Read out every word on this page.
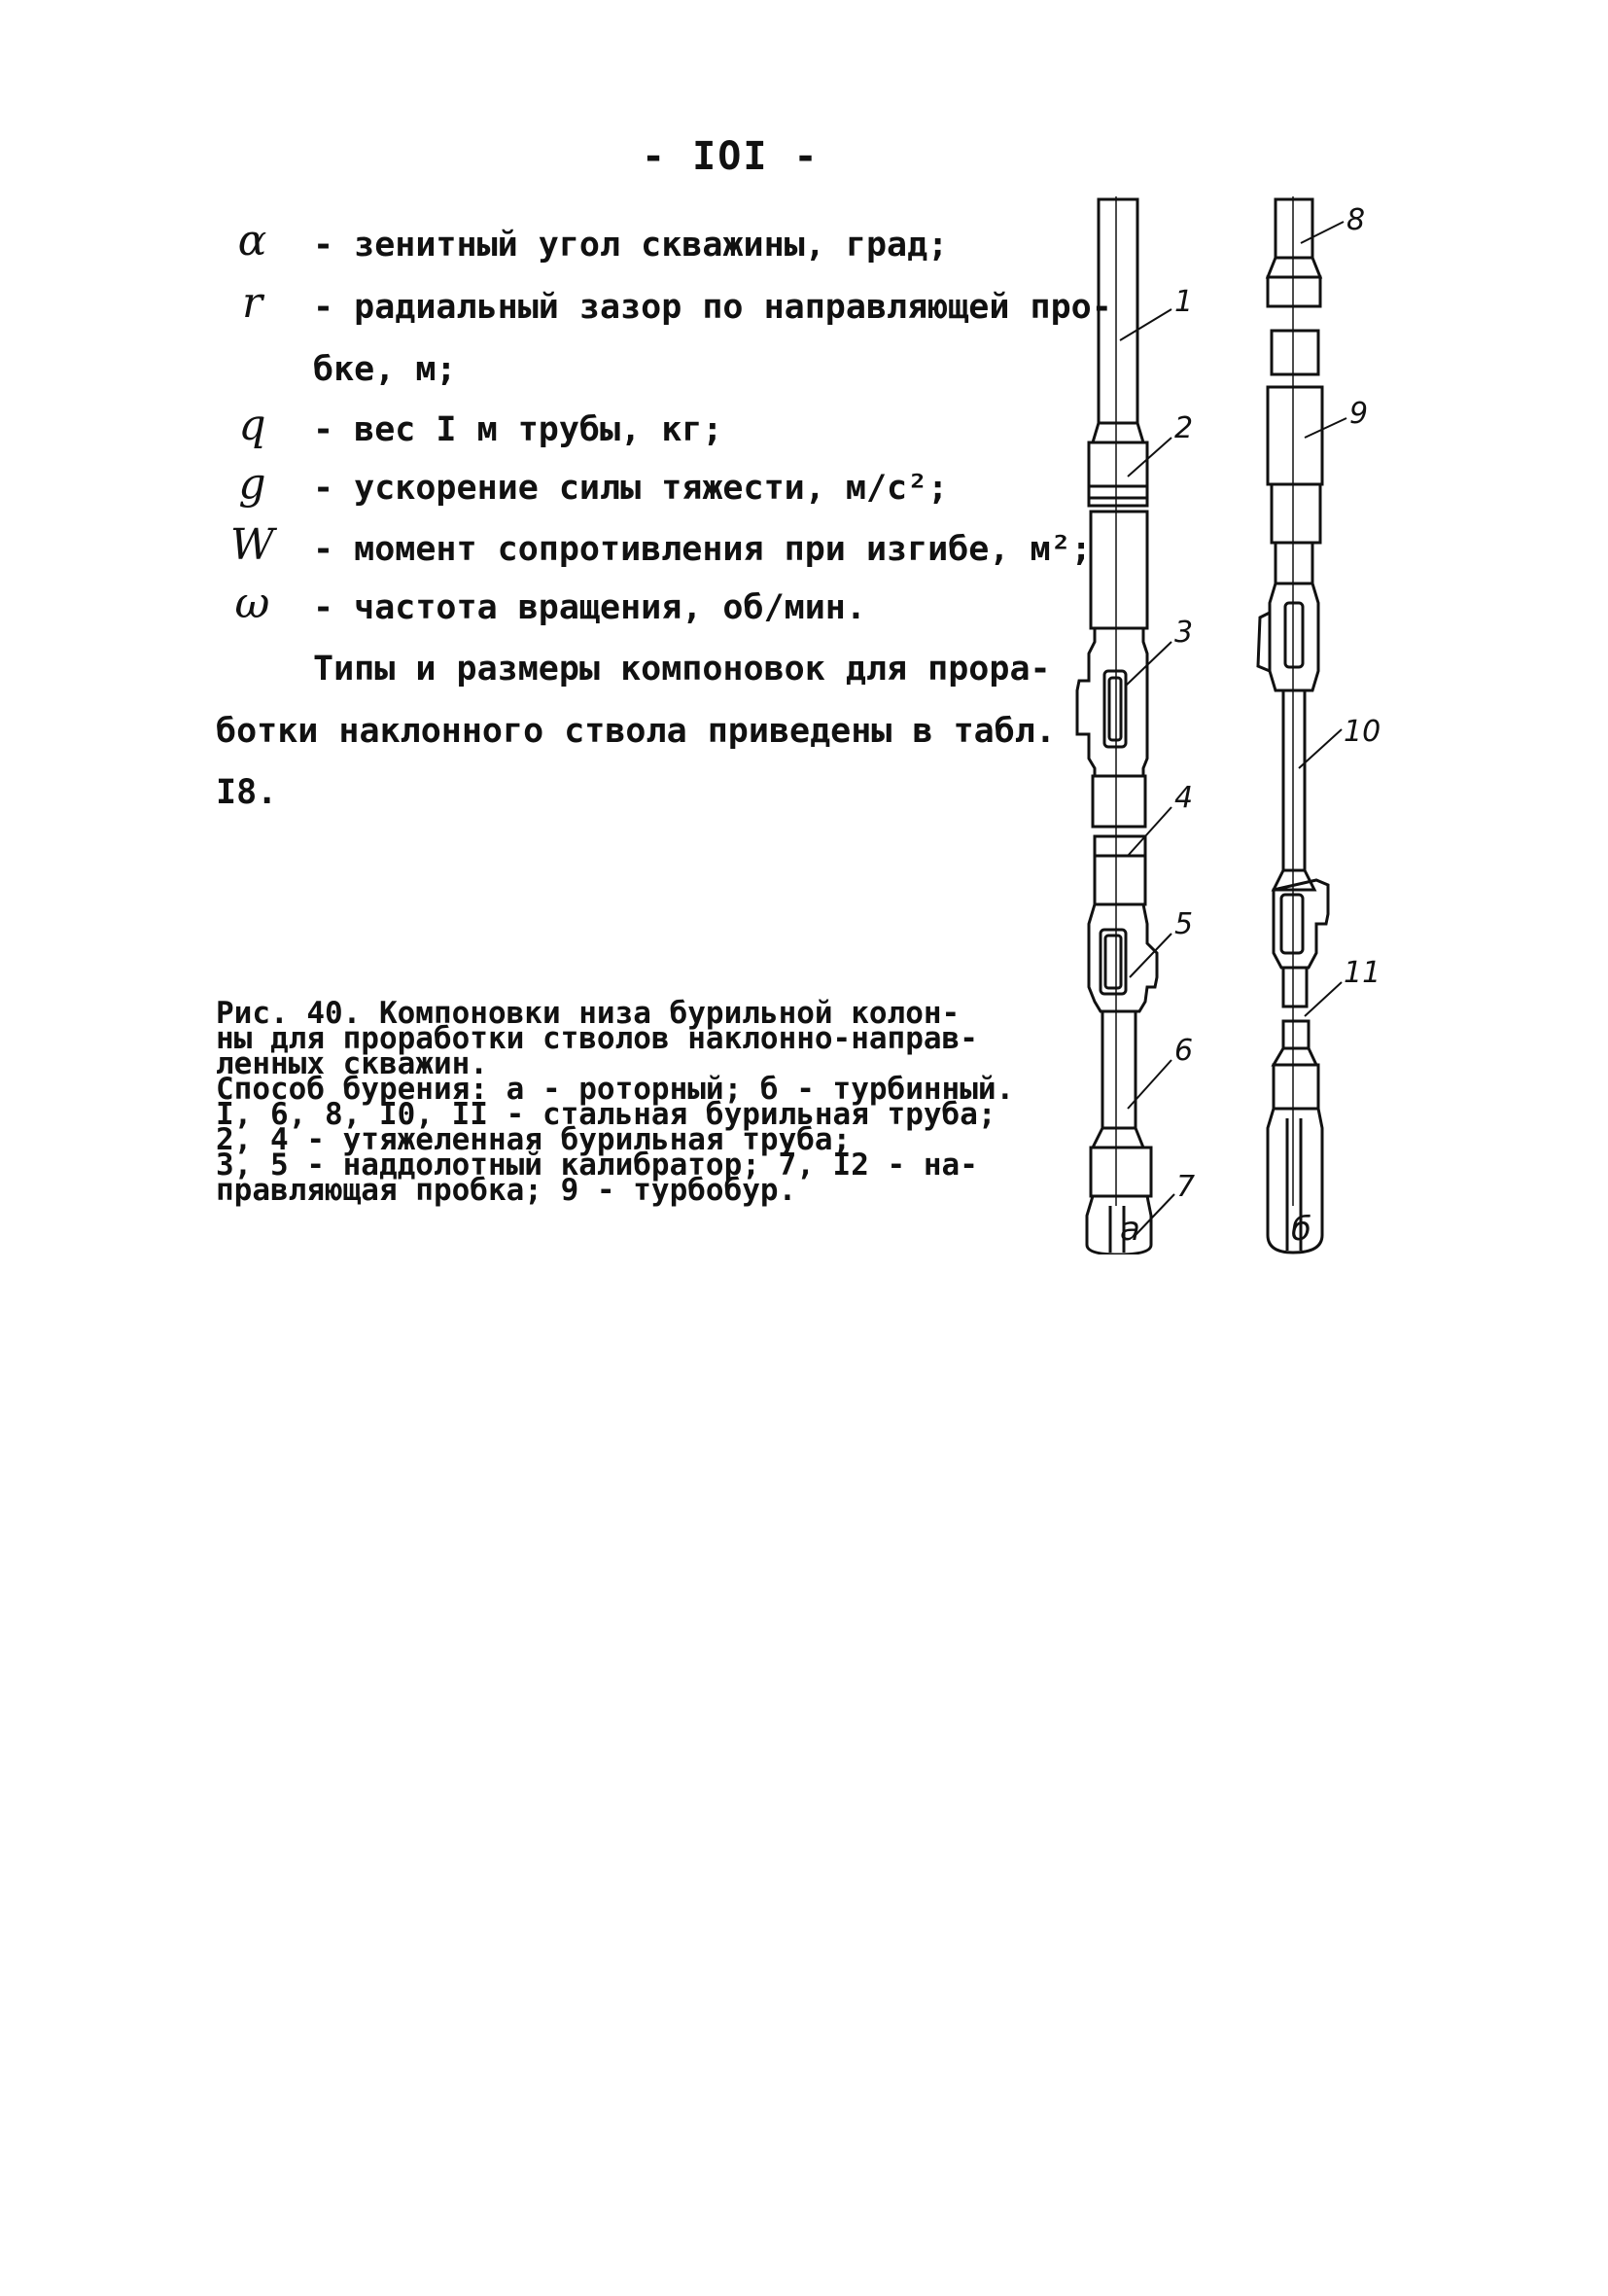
- IOI -
α	- зенитный угол скважины, град;
r	- радиальный зазор по направляющей про-
бке, м;
q	- вес I м трубы, кг;
g	- ускорение силы тяжести, м/с²;
W	- момент сопротивления при изгибе, м²;
ω	- частота вращения, об/мин.
Типы и размеры компоновок для прора-
ботки наклонного ствола приведены в табл.
I8.
Рис. 40. Компоновки низа бурильной колон-
ны для проработки стволов наклонно-направ-
ленных скважин.
Способ бурения: а - роторный; б - турбинный.
I, 6, 8, I0, II - стальная бурильная труба;
2, 4 - утяжеленная бурильная труба;
3, 5 - наддолотный калибратор; 7, I2 - на-
правляющая пробка; 9 - турбобур.
1
2
3
4
5
6
7
8
9
10
11
а	б
